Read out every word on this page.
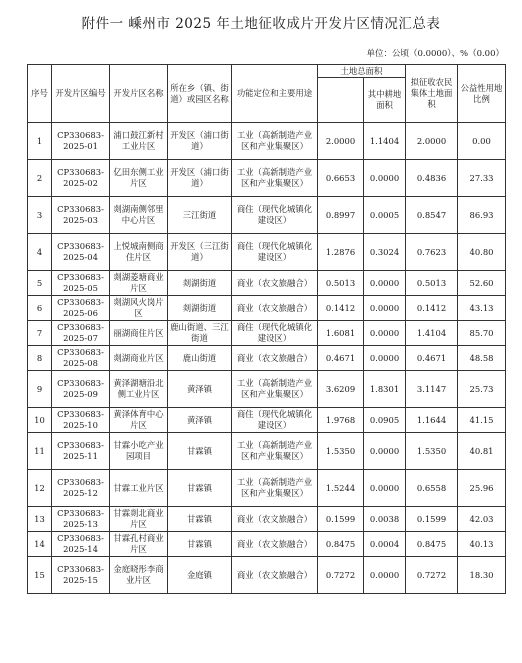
附件一 嵊州市 2025 年土地征收成片开发片区情况汇总表
单位：公顷（0.0000）、%（0.00）
序号	开发片区编号	开发片区名称	所在乡（镇、街道）或园区名称	功能定位和主要用途	土地总面积		拟征收农民集体土地面积	公益性用地比例
						其中耕地面积		
1	CP330683-2025-01	浦口鼓江新村工业片区	开发区（浦口街道）	工业（高新制造产业区和产业集聚区）	2.0000	1.1404	2.0000	0.00
2	CP330683-2025-02	亿田东侧工业片区	开发区（浦口街道）	工业（高新制造产业区和产业集聚区）	0.6653	0.0000	0.4836	27.33
3	CP330683-2025-03	剡湖南侧邻里中心片区	三江街道	商住（现代化城镇化建设区）	0.8997	0.0005	0.8547	86.93
4	CP330683-2025-04	上悦城南侧商住片区	开发区（三江街道）	商住（现代化城镇化建设区）	1.2876	0.3024	0.7623	40.80
5	CP330683-2025-05	剡湖菱塘商业片区	剡湖街道	商业（农文旅融合）	0.5013	0.0000	0.5013	52.60
6	CP330683-2025-06	剡湖风火岗片区	剡湖街道	商业（农文旅融合）	0.1412	0.0000	0.1412	43.13
7	CP330683-2025-07	丽湖商住片区	鹿山街道、三江街道	商住（现代化城镇化建设区）	1.6081	0.0000	1.4104	85.70
8	CP330683-2025-08	剡湖商业片区	鹿山街道	商业（农文旅融合）	0.4671	0.0000	0.4671	48.58
9	CP330683-2025-09	黄泽湖塘沿北侧工业片区	黄泽镇	工业（高新制造产业区和产业集聚区）	3.6209	1.8301	3.1147	25.73
10	CP330683-2025-10	黄泽体育中心片区	黄泽镇	商住（现代化城镇化建设区）	1.9768	0.0905	1.1644	41.15
11	CP330683-2025-11	甘霖小吃产业园项目	甘霖镇	工业（高新制造产业区和产业集聚区）	1.5350	0.0000	1.5350	40.81
12	CP330683-2025-12	甘霖工业片区	甘霖镇	工业（高新制造产业区和产业集聚区）	1.5244	0.0000	0.6558	25.96
13	CP330683-2025-13	甘霖剡北商业片区	甘霖镇	商业（农文旅融合）	0.1599	0.0038	0.1599	42.03
14	CP330683-2025-14	甘霖孔村商业片区	甘霖镇	商业（农文旅融合）	0.8475	0.0004	0.8475	40.13
15	CP330683-2025-15	金庭晓彤李商业片区	金庭镇	商业（农文旅融合）	0.7272	0.0000	0.7272	18.30
